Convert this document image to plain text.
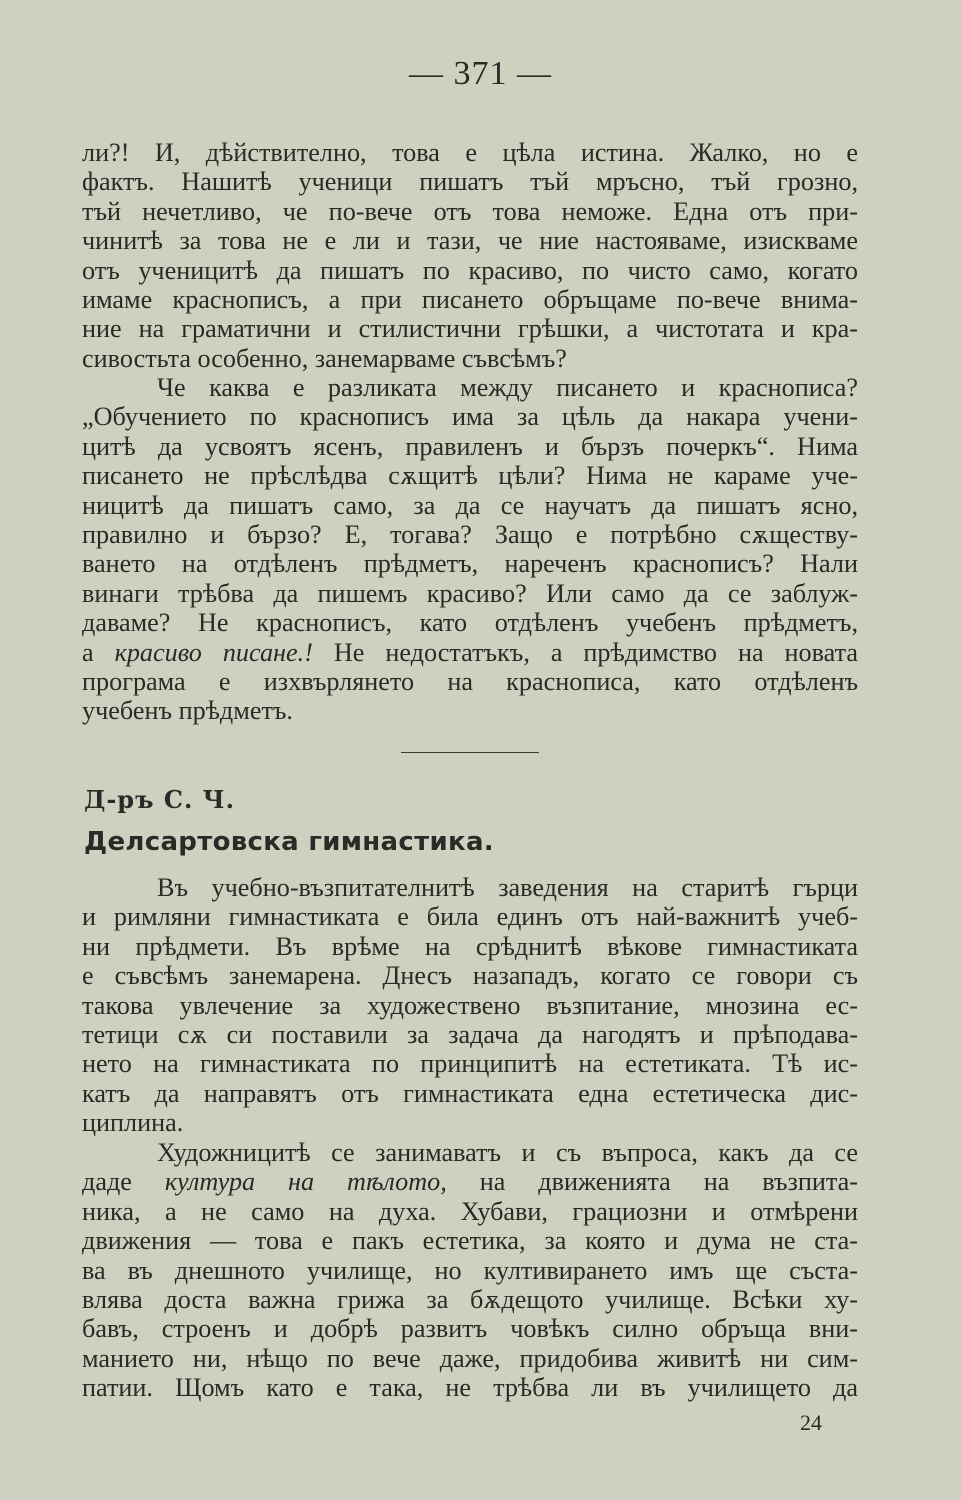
— 371 —
ли?! И, дѣйствително, това е цѣла истина. Жалко, но е
фактъ. Нашитѣ ученици пишатъ тъй мръсно, тъй грозно,
тъй нечетливо, че по-вече отъ това неможе. Една отъ при-
чинитѣ за това не е ли и тази, че ние настояваме, изискваме
отъ ученицитѣ да пишатъ по красиво, по чисто само, когато
имаме краснописъ, а при писането обръщаме по-вече внима-
ние на граматични и стилистични грѣшки, а чистотата и кра-
сивостьта особенно, занемарваме съвсѣмъ?
Че каква е разликата между писането и краснописа?
„Обучението по краснописъ има за цѣль да накара учени-
цитѣ да усвоятъ ясенъ, правиленъ и бързъ почеркъ“. Нима
писането не прѣслѣдва сѫщитѣ цѣли? Нима не караме уче-
ницитѣ да пишатъ само, за да се научатъ да пишатъ ясно,
правилно и бързо? Е, тогава? Защо е потрѣбно сѫществу-
ването на отдѣленъ прѣдметъ, нареченъ краснописъ? Нали
винаги трѣбва да пишемъ красиво? Или само да се заблуж-
даваме? Не краснописъ, като отдѣленъ учебенъ прѣдметъ,
а красиво писане.! Не недостатъкъ, а прѣдимство на новата
програма е изхвърлянето на краснописа, като отдѣленъ
учебенъ прѣдметъ.
Д-ръ С. Ч.
Делсартовска гимнастика.
Въ учебно-възпитателнитѣ заведения на старитѣ гърци
и римляни гимнастиката е била единъ отъ най-важнитѣ учеб-
ни прѣдмети. Въ врѣме на срѣднитѣ вѣкове гимнастиката
е съвсѣмъ занемарена. Днесъ назападъ, когато се говори съ
такова увлечение за художествено възпитание, мнозина ес-
тетици сѫ си поставили за задача да нагодятъ и прѣподава-
нето на гимнастиката по принципитѣ на естетиката. Тѣ ис-
катъ да направятъ отъ гимнастиката една естетическа дис-
циплина.
Художницитѣ се занимаватъ и съ въпроса, какъ да се
даде култура на тѣлото, на движенията на възпита-
ника, а не само на духа. Хубави, грациозни и отмѣрени
движения — това е пакъ естетика, за която и дума не ста-
ва въ днешното училище, но култивирането имъ ще съста-
влява доста важна грижа за бѫдещото училище. Всѣки ху-
бавъ, строенъ и добрѣ развитъ човѣкъ силно обръща вни-
манието ни, нѣщо по вече даже, придобива живитѣ ни сим-
патии. Щомъ като е така, не трѣбва ли въ училището да
24
